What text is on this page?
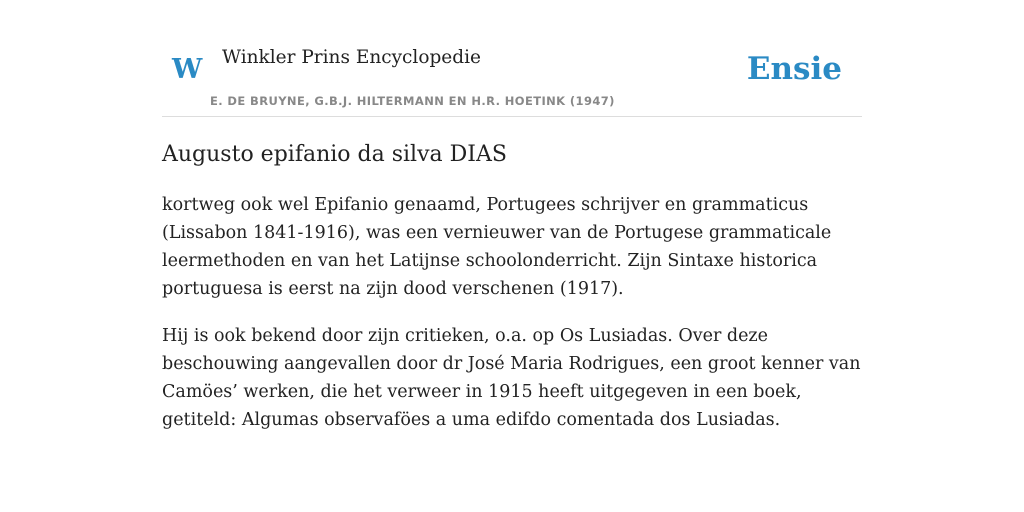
W Winkler Prins Encyclopedie
E. DE BRUYNE, G.B.J. HILTERMANN EN H.R. HOETINK (1947)
Ensie
Augusto epifanio da silva DIAS

kortweg ook wel Epifanio genaamd, Portugees schrijver en grammaticus (Lissabon 1841-1916), was een vernieuwer van de Portugese grammaticale leermethoden en van het Latijnse schoolonderricht. Zijn Sintaxe historica portuguesa is eerst na zijn dood verschenen (1917).

Hij is ook bekend door zijn critieken, o.a. op Os Lusiadas. Over deze beschouwing aangevallen door dr José Maria Rodrigues, een groot kenner van Camöes’ werken, die het verweer in 1915 heeft uitgegeven in een boek, getiteld: Algumas observaföes a uma edifdo comentada dos Lusiadas.
